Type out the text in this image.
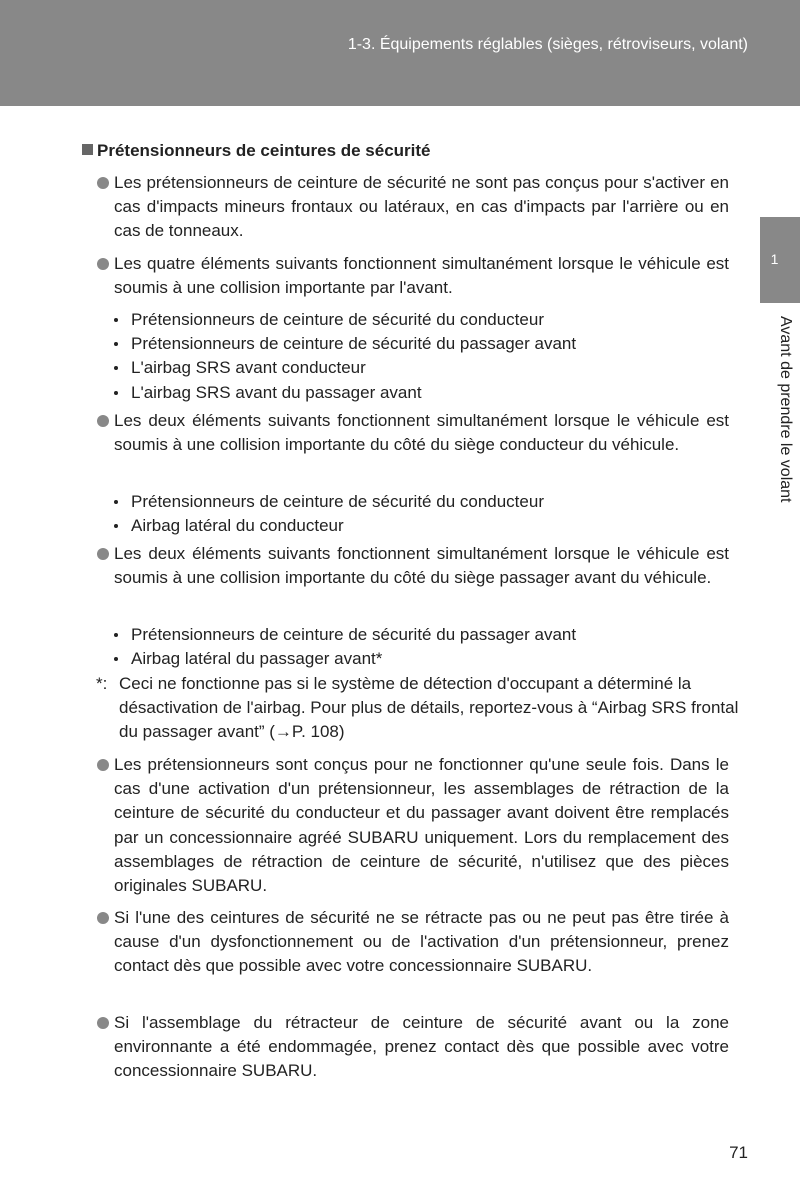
1-3. Équipements réglables (sièges, rétroviseurs, volant)
1
Avant de prendre le volant
Prétensionneurs de ceintures de sécurité
Les prétensionneurs de ceinture de sécurité ne sont pas conçus pour s'activer en cas d'impacts mineurs frontaux ou latéraux, en cas d'impacts par l'arrière ou en cas de tonneaux.
Les quatre éléments suivants fonctionnent simultanément lorsque le véhicule est soumis à une collision importante par l'avant.
Prétensionneurs de ceinture de sécurité du conducteur
Prétensionneurs de ceinture de sécurité du passager avant
L'airbag SRS avant conducteur
L'airbag SRS avant du passager avant
Les deux éléments suivants fonctionnent simultanément lorsque le véhicule est soumis à une collision importante du côté du siège conducteur du véhicule.
Prétensionneurs de ceinture de sécurité du conducteur
Airbag latéral du conducteur
Les deux éléments suivants fonctionnent simultanément lorsque le véhicule est soumis à une collision importante du côté du siège passager avant du véhicule.
Prétensionneurs de ceinture de sécurité du passager avant
Airbag latéral du passager avant*
*: Ceci ne fonctionne pas si le système de détection d'occupant a déterminé la désactivation de l'airbag. Pour plus de détails, reportez-vous à “Airbag SRS frontal du passager avant” (→P. 108)
Les prétensionneurs sont conçus pour ne fonctionner qu'une seule fois. Dans le cas d'une activation d'un prétensionneur, les assemblages de rétraction de la ceinture de sécurité du conducteur et du passager avant doivent être remplacés par un concessionnaire agréé SUBARU uniquement. Lors du remplacement des assemblages de rétraction de ceinture de sécurité, n'utilisez que des pièces originales SUBARU.
Si l'une des ceintures de sécurité ne se rétracte pas ou ne peut pas être tirée à cause d'un dysfonctionnement ou de l'activation d'un prétensionneur, prenez contact dès que possible avec votre concessionnaire SUBARU.
Si l'assemblage du rétracteur de ceinture de sécurité avant ou la zone environnante a été endommagée, prenez contact dès que possible avec votre concessionnaire SUBARU.
71
